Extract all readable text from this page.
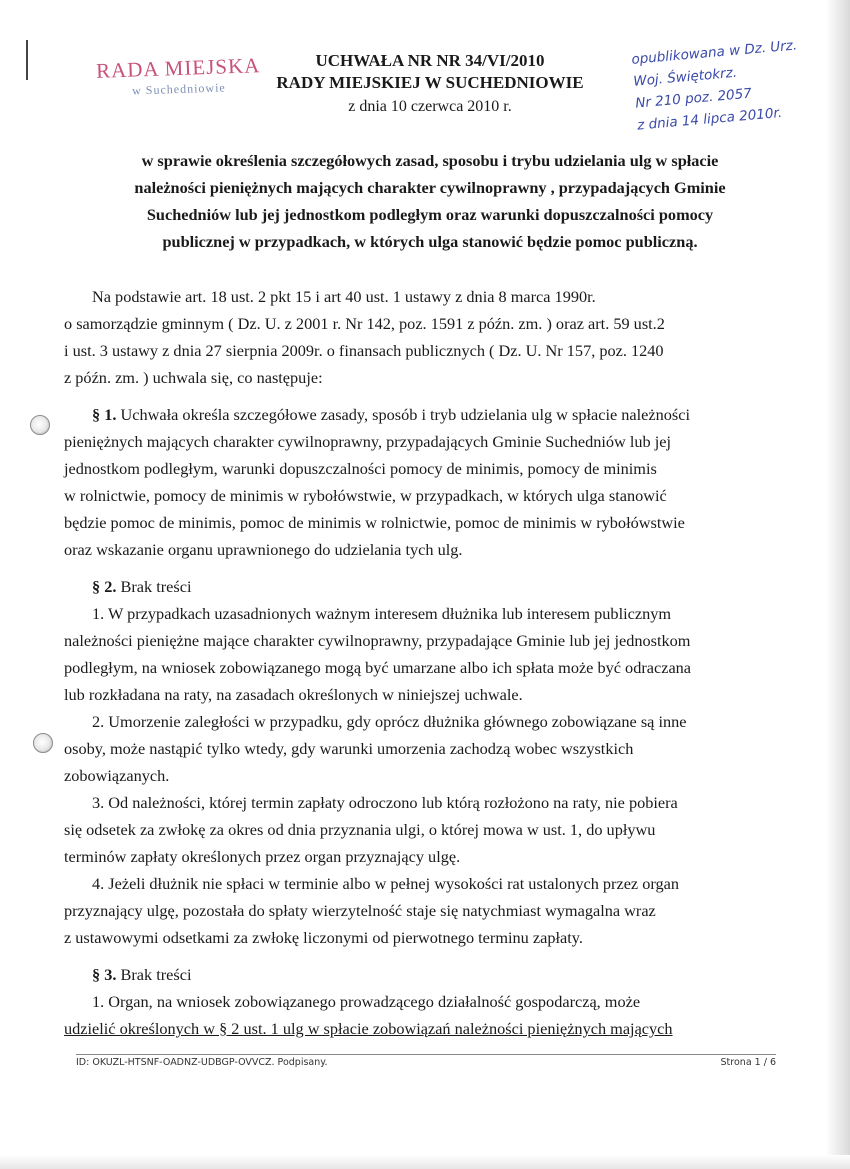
RADA MIEJSKA
w Suchedniowie
UCHWAŁA NR NR 34/VI/2010
RADY MIEJSKIEJ W SUCHEDNIOWIE
z dnia 10 czerwca 2010 r.
opublikowana w Dz. Urz.
Woj. Świętokrz.
Nr 210 poz. 2057
z dnia 14 lipca 2010r.
w sprawie określenia szczegółowych zasad, sposobu i trybu udzielania ulg w spłacie
należności pieniężnych mających charakter cywilnoprawny , przypadających Gminie
Suchedniów lub jej jednostkom podległym oraz warunki dopuszczalności pomocy
publicznej w przypadkach, w których ulga stanowić będzie pomoc publiczną.
Na podstawie art. 18 ust. 2 pkt 15 i art 40 ust. 1 ustawy z dnia 8 marca 1990r.
o samorządzie gminnym ( Dz. U. z 2001 r. Nr 142, poz. 1591 z późn. zm. ) oraz art. 59 ust.2
i ust. 3 ustawy z dnia 27 sierpnia 2009r. o finansach publicznych ( Dz. U. Nr 157, poz. 1240
z późn. zm. ) uchwala się, co następuje:
§ 1. Uchwała określa szczegółowe zasady, sposób i tryb udzielania ulg w spłacie należności
pieniężnych mających charakter cywilnoprawny, przypadających Gminie Suchedniów lub jej
jednostkom podległym, warunki dopuszczalności pomocy de minimis, pomocy de minimis
w rolnictwie, pomocy de minimis w rybołówstwie, w przypadkach, w których ulga stanowić
będzie pomoc de minimis, pomoc de minimis w rolnictwie, pomoc de minimis w rybołówstwie
oraz wskazanie organu uprawnionego do udzielania tych ulg.
§ 2. Brak treści
1. W przypadkach uzasadnionych ważnym interesem dłużnika lub interesem publicznym
należności pieniężne mające charakter cywilnoprawny, przypadające Gminie lub jej jednostkom
podległym, na wniosek zobowiązanego mogą być umarzane albo ich spłata może być odraczana
lub rozkładana na raty, na zasadach określonych w niniejszej uchwale.
2. Umorzenie zaległości w przypadku, gdy oprócz dłużnika głównego zobowiązane są inne
osoby, może nastąpić tylko wtedy, gdy warunki umorzenia zachodzą wobec wszystkich
zobowiązanych.
3. Od należności, której termin zapłaty odroczono lub którą rozłożono na raty, nie pobiera
się odsetek za zwłokę za okres od dnia przyznania ulgi, o której mowa w ust. 1, do upływu
terminów zapłaty określonych przez organ przyznający ulgę.
4. Jeżeli dłużnik nie spłaci w terminie albo w pełnej wysokości rat ustalonych przez organ
przyznający ulgę, pozostała do spłaty wierzytelność staje się natychmiast wymagalna wraz
z ustawowymi odsetkami za zwłokę liczonymi od pierwotnego terminu zapłaty.
§ 3. Brak treści
1. Organ, na wniosek zobowiązanego prowadzącego działalność gospodarczą, może
udzielić określonych w § 2 ust. 1 ulg w spłacie zobowiązań należności pieniężnych mających
ID: OKUZL-HTSNF-OADNZ-UDBGP-OVVCZ. Podpisany.	Strona 1 / 6
